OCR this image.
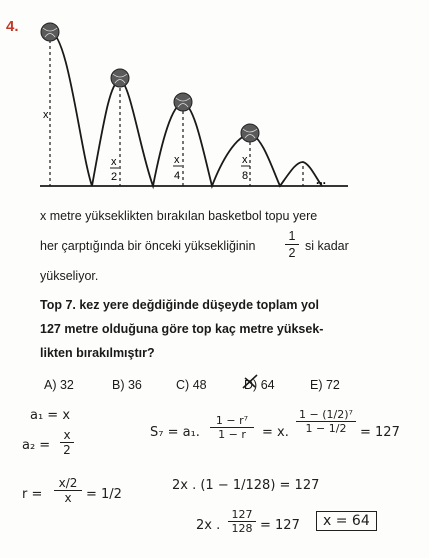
4.
x
x
2
x
4
x
8	...
x metre yükseklikten bırakılan basketbol topu yere
her çarptığında bir önceki yüksekliğinin
1
2 si kadar
yükseliyor.
Top 7. kez yere değdiğinde düşeyde toplam yol
127 metre olduğuna göre top kaç metre yüksek-
likten bırakılmıştır?
A) 32	B) 36	C) 48	D) 64	E) 72
a₁ = x
a₂ =
x
2
r =
x/2
x	= 1/2
S₇ = a₁.
1 − r⁷
1 − r	= x.
1 − (1/2)⁷
1 − 1/2	= 127
2x . (1 − 1/128) = 127
2x .
127
128 = 127	x = 64
